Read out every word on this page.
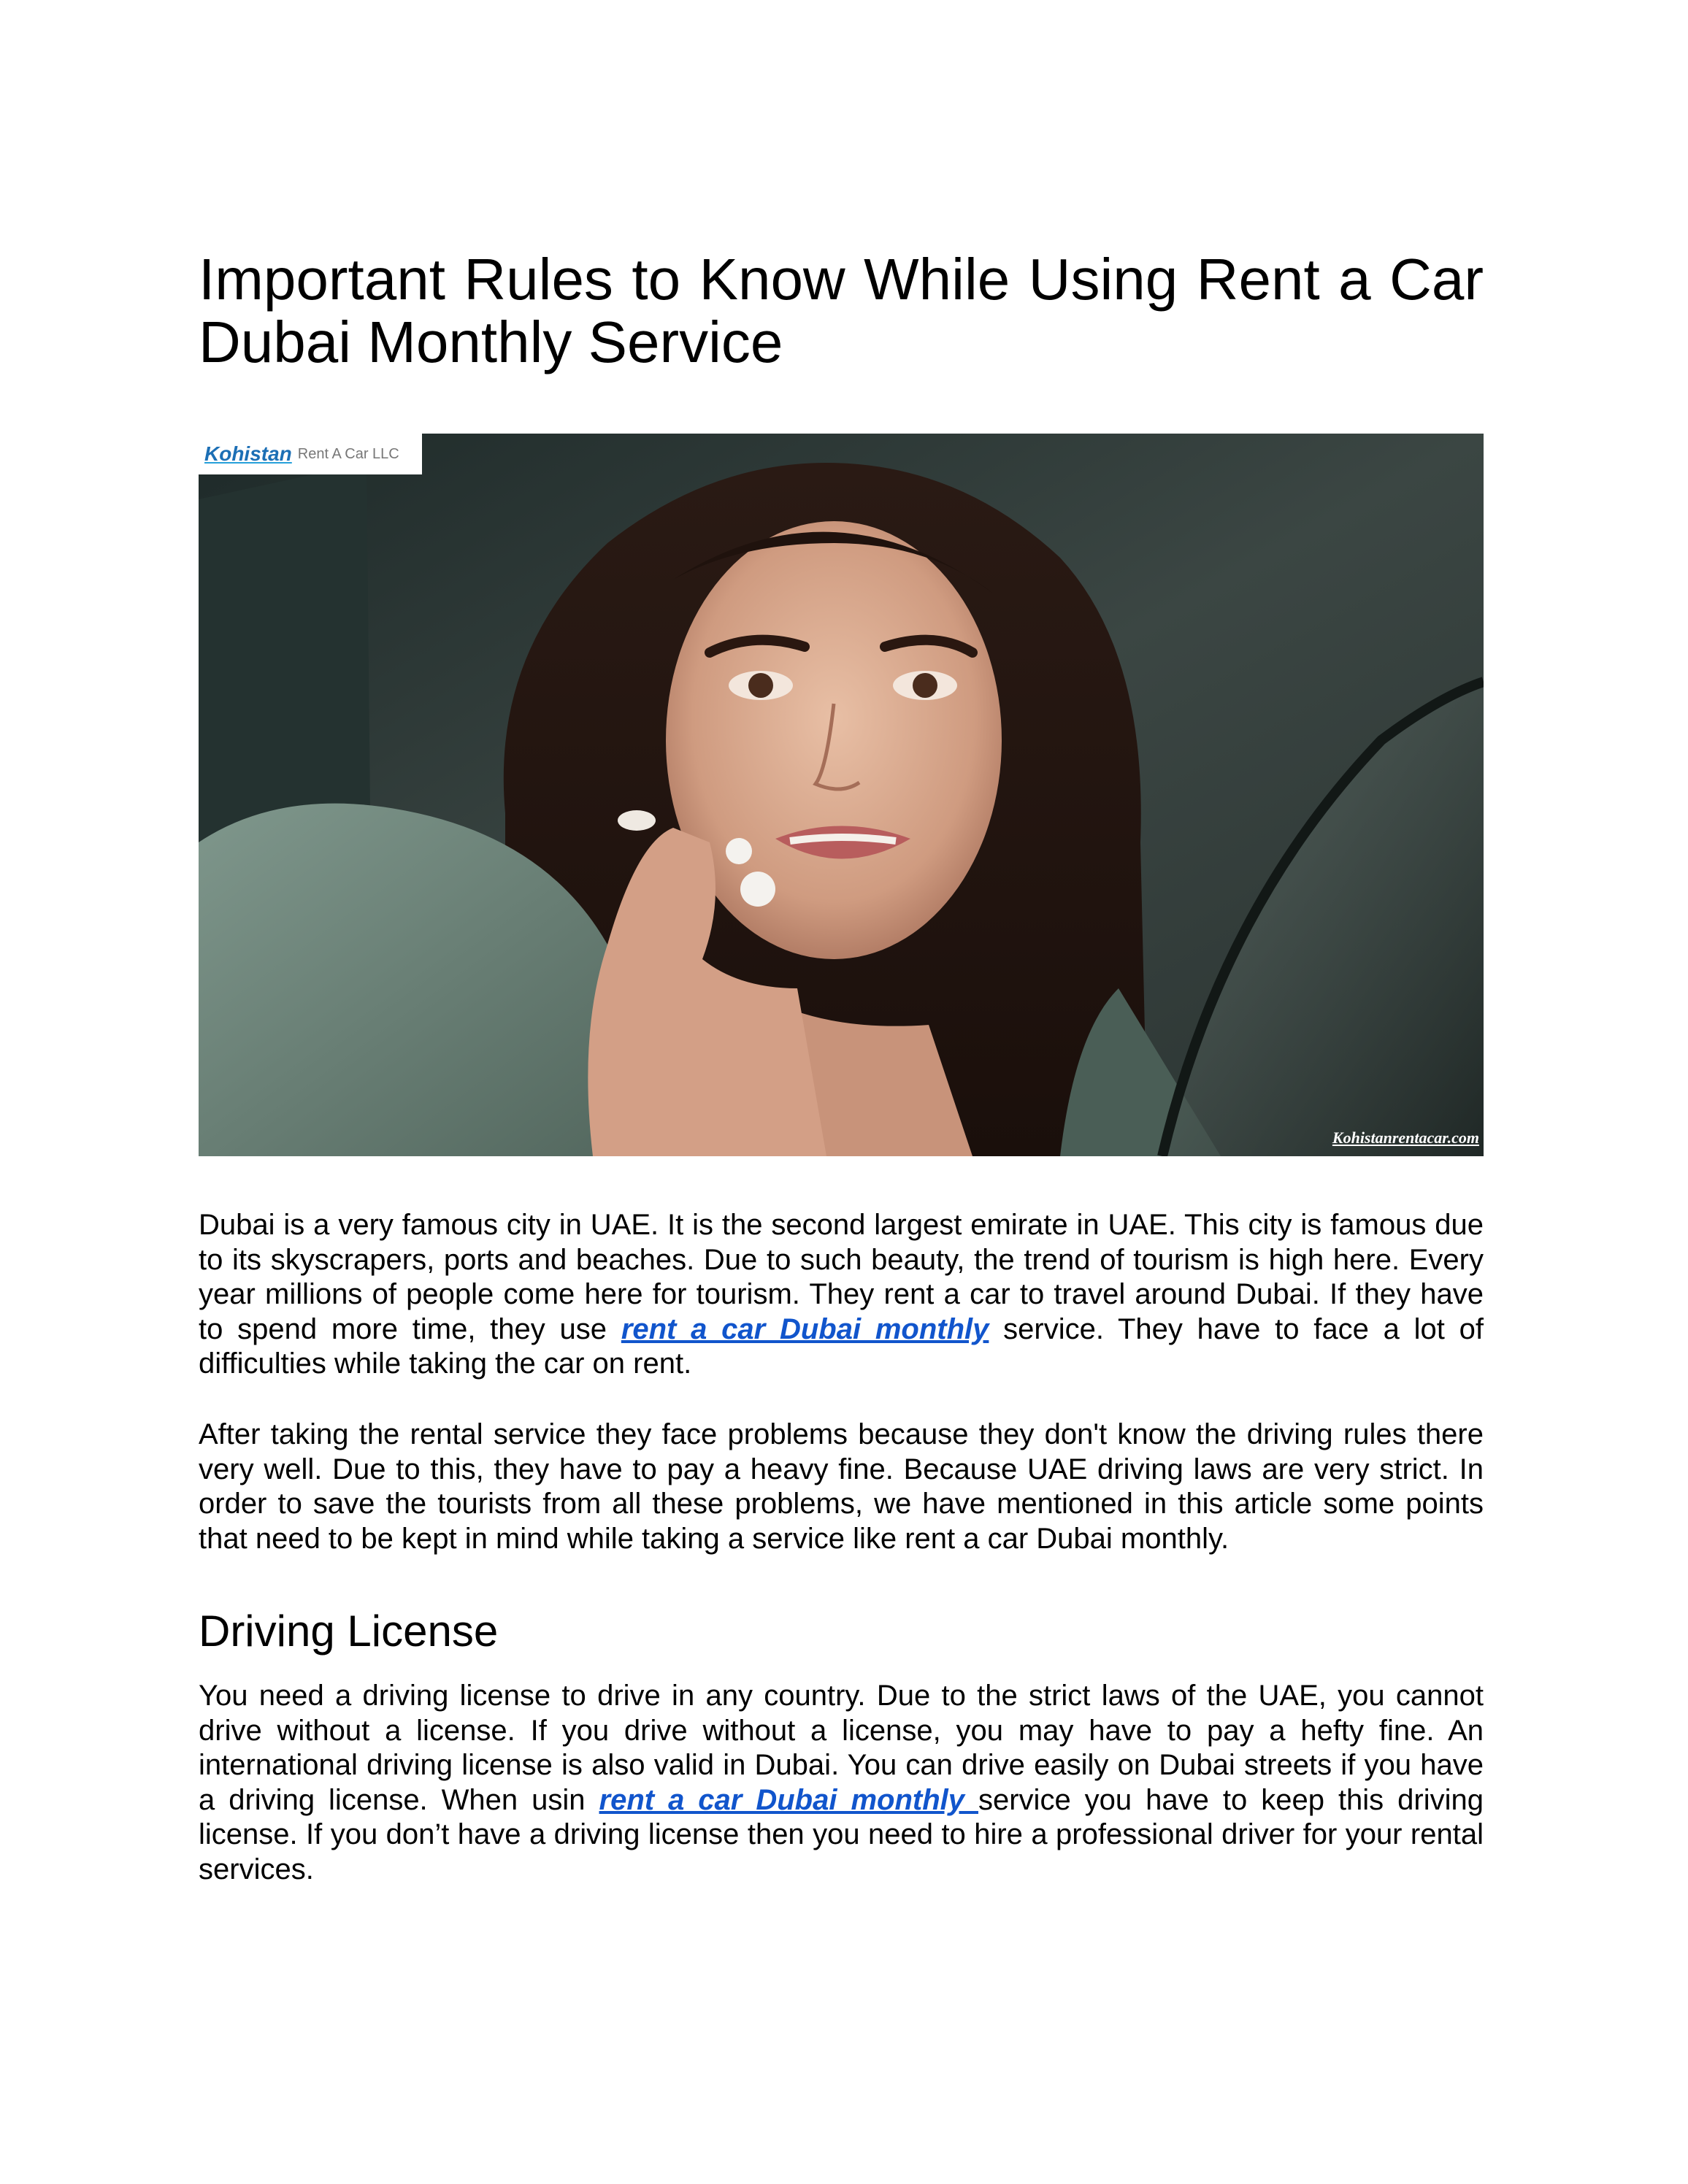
Important Rules to Know While Using Rent a Car Dubai Monthly Service
Kohistan Rent A Car LLC
Kohistanrentacar.com

Dubai is a very famous city in UAE. It is the second largest emirate in UAE. This city is famous due to its skyscrapers, ports and beaches. Due to such beauty, the trend of tourism is high here. Every year millions of people come here for tourism. They rent a car to travel around Dubai. If they have to spend more time, they use rent a car Dubai monthly service. They have to face a lot of difficulties while taking the car on rent.

After taking the rental service they face problems because they don't know the driving rules there very well. Due to this, they have to pay a heavy fine. Because UAE driving laws are very strict. In order to save the tourists from all these problems, we have mentioned in this article some points that need to be kept in mind while taking a service like rent a car Dubai monthly.

Driving License

You need a driving license to drive in any country. Due to the strict laws of the UAE, you cannot drive without a license. If you drive without a license, you may have to pay a hefty fine. An international driving license is also valid in Dubai. You can drive easily on Dubai streets if you have a driving license. When usin rent a car Dubai monthly service you have to keep this driving license. If you don’t have a driving license then you need to hire a professional driver for your rental services.
